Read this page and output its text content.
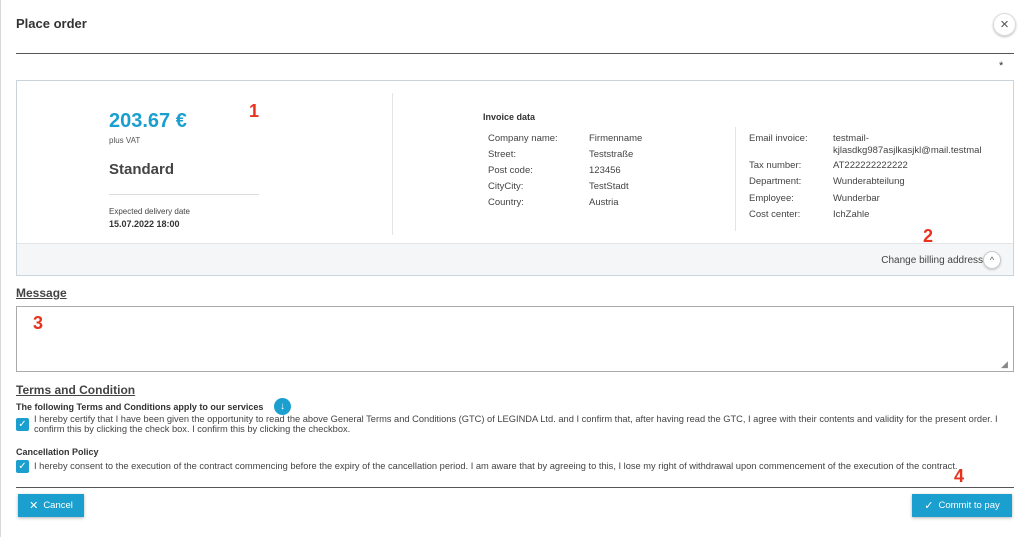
Place order	×
*
203.67 €
plus VAT
Standard
Expected delivery date
15.07.2022 18:00
Invoice data
Company name:	Firmenname
Street:	Teststraße
Post code:	123456
CityCity:	TestStadt
Country:	Austria
Email invoice:	testmail-kjlasdkg987asjlkasjkl@mail.testmal
Tax number:	AT222222222222
Department:	Wunderabteilung
Employee:	Wunderbar
Cost center:	IchZahle
Change billing address ^
1
2
Message
◢
3
Terms and Condition
The following Terms and Conditions apply to our services	↓
✓ I hereby certify that I have been given the opportunity to read the above General Terms and Conditions (GTC) of LEGINDA Ltd. and I confirm that, after having read the GTC, I agree with their contents and validity for the present order. I confirm this by clicking the check box. I confirm this by clicking the checkbox.
Cancellation Policy
✓ I hereby consent to the execution of the contract commencing before the expiry of the cancellation period. I am aware that by agreeing to this, I lose my right of withdrawal upon commencement of the execution of the contract.
4
✕ Cancel	✓ Commit to pay
